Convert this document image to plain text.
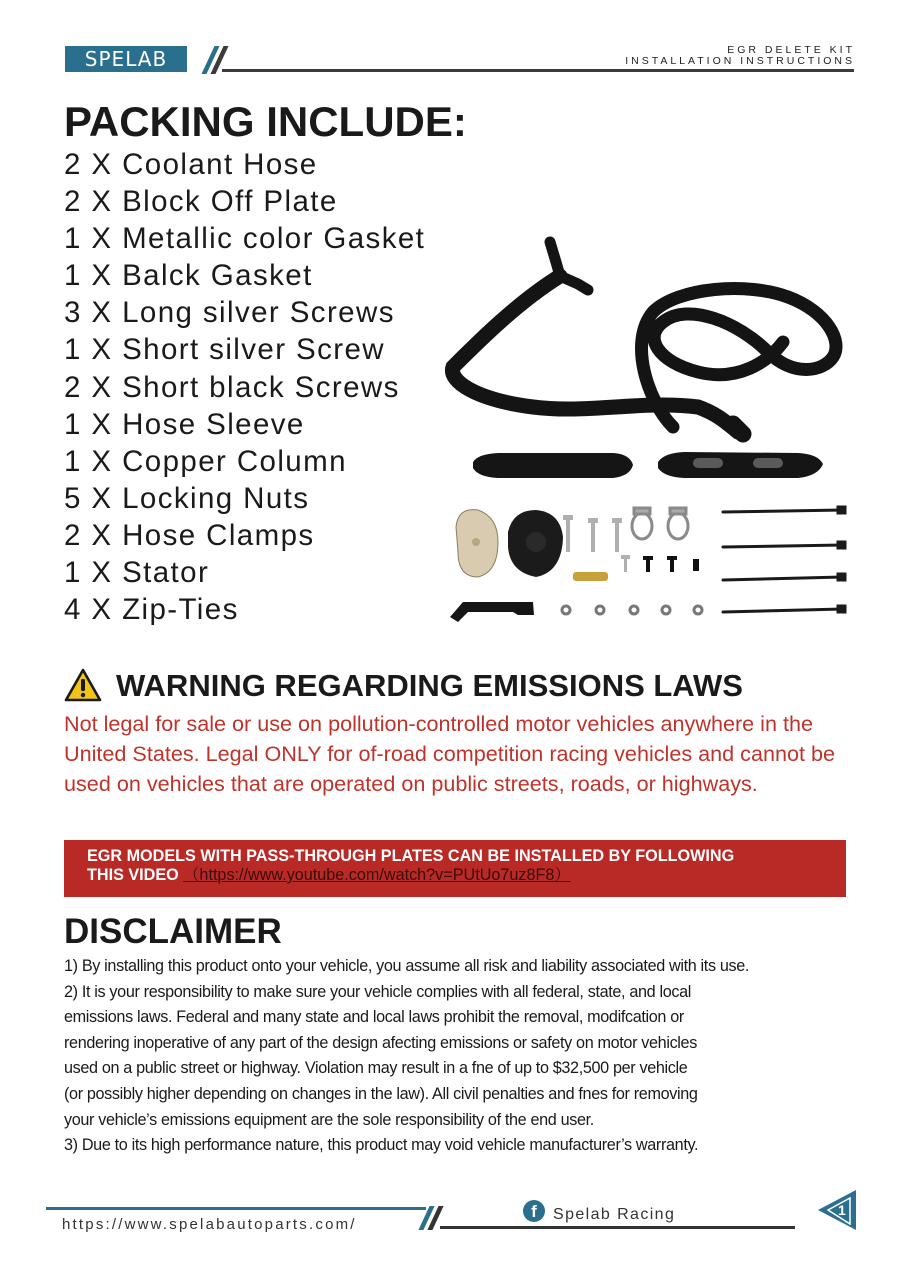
SPELAB	EGR DELETE KIT
INSTALLATION INSTRUCTIONS
PACKING INCLUDE:
2 X Coolant Hose
2 X Block Off Plate
1 X Metallic color Gasket
1 X Balck Gasket
3 X Long silver Screws
1 X Short silver Screw
2 X Short black Screws
1 X Hose Sleeve
1 X Copper Column
5 X Locking Nuts
2 X Hose Clamps
1 X Stator
4 X Zip-Ties
WARNING REGARDING EMISSIONS LAWS

Not legal for sale or use on pollution-controlled motor vehicles anywhere in the United States. Legal ONLY for of-road competition racing vehicles and cannot be used on vehicles that are operated on public streets, roads, or highways.

EGR MODELS WITH PASS-THROUGH PLATES CAN BE INSTALLED BY FOLLOWING
THIS VIDEO （https://www.youtube.com/watch?v=PUtUo7uz8F8）
DISCLAIMER

1) By installing this product onto your vehicle, you assume all risk and liability associated with its use.

2) It is your responsibility to make sure your vehicle complies with all federal, state, and local

emissions laws. Federal and many state and local laws prohibit the removal, modifcation or

rendering inoperative of any part of the design afecting emissions or safety on motor vehicles

used on a public street or highway. Violation may result in a fne of up to $32,500 per vehicle

(or possibly higher depending on changes in the law). All civil penalties and fnes for removing

your vehicle’s emissions equipment are the sole responsibility of the end user.

3) Due to its high performance nature, this product may void vehicle manufacturer’s warranty.

https://www.spelabautoparts.com/
f	Spelab Racing	1
